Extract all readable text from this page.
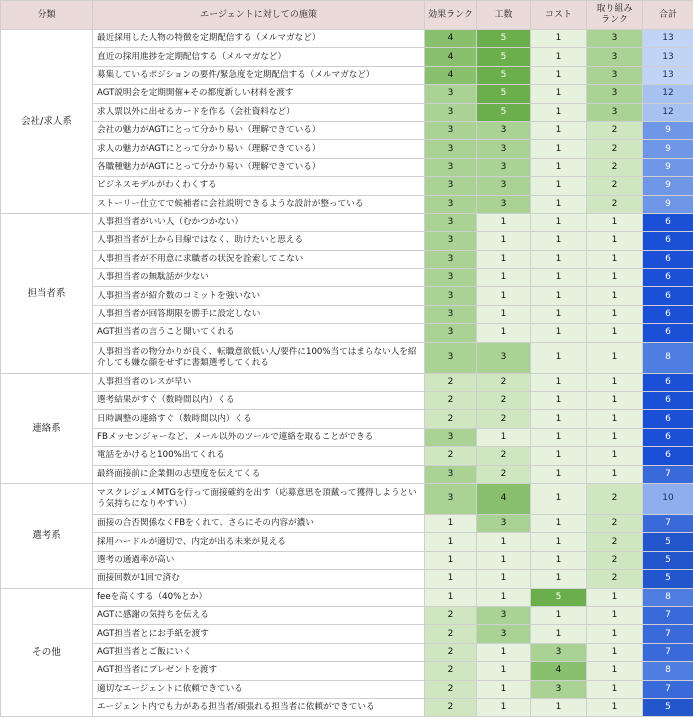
分類	エージェントに対しての施策	効果ランク	工数	コスト	取り組み
ランク	合計
会社/求人系	最近採用した人物の特徴を定期配信する（メルマガなど）	4	5	1	3	13
	直近の採用進捗を定期配信する（メルマガなど）	4	5	1	3	13
	募集しているポジションの要件/緊急度を定期配信する（メルマガなど）	4	5	1	3	13
	AGT説明会を定期開催+その都度新しい材料を渡す	3	5	1	3	12
	求人票以外に出せるカードを作る（会社資料など）	3	5	1	3	12
	会社の魅力がAGTにとって分かり易い（理解できている）	3	3	1	2	9
	求人の魅力がAGTにとって分かり易い（理解できている）	3	3	1	2	9
	各職種魅力がAGTにとって分かり易い（理解できている）	3	3	1	2	9
	ビジネスモデルがわくわくする	3	3	1	2	9
	ストーリー仕立てで候補者に会社説明できるような設計が整っている	3	3	1	2	9
担当者系	人事担当者がいい人（むかつかない）	3	1	1	1	6
	人事担当者が上から目線ではなく、助けたいと思える	3	1	1	1	6
	人事担当者が不用意に求職者の状況を詮索してこない	3	1	1	1	6
	人事担当者の無駄話が少ない	3	1	1	1	6
	人事担当者が紹介数のコミットを強いない	3	1	1	1	6
	人事担当者が回答期限を勝手に設定しない	3	1	1	1	6
	AGT担当者の言うこと聞いてくれる	3	1	1	1	6
	人事担当者の物分かりが良く、転職意欲低い人/要件に100%当てはまらない人を紹介しても嫌な顔をせずに書類選考してくれる	3	3	1	1	8
連絡系	人事担当者のレスが早い	2	2	1	1	6
	選考結果がすぐ（数時間以内）くる	2	2	1	1	6
	日時調整の連絡すぐ（数時間以内）くる	2	2	1	1	6
	FBメッセンジャーなど、メール以外のツールで連絡を取ることができる	3	1	1	1	6
	電話をかけると100%出てくれる	2	2	1	1	6
	最終面接前に企業側の志望度を伝えてくる	3	2	1	1	7
選考系	マスクレジュメMTGを行って面接確約を出す（応募意思を頂戴って獲得しようという気持ちになりやすい）	3	4	1	2	10
	面接の合否関係なくFBをくれて、さらにその内容が濃い	1	3	1	2	7
	採用ハードルが適切で、内定が出る未来が見える	1	1	1	2	5
	選考の通過率が高い	1	1	1	2	5
	面接回数が1回で済む	1	1	1	2	5
その他	feeを高くする（40%とか）	1	1	5	1	8
	AGTに感謝の気持ちを伝える	2	3	1	1	7
	AGT担当者とにお手紙を渡す	2	3	1	1	7
	AGT担当者とご飯にいく	2	1	3	1	7
	AGT担当者にプレゼントを渡す	2	1	4	1	8
	適切なエージェントに依頼できている	2	1	3	1	7
	エージェント内でも力がある担当者/頑張れる担当者に依頼ができている	2	1	1	1	5
